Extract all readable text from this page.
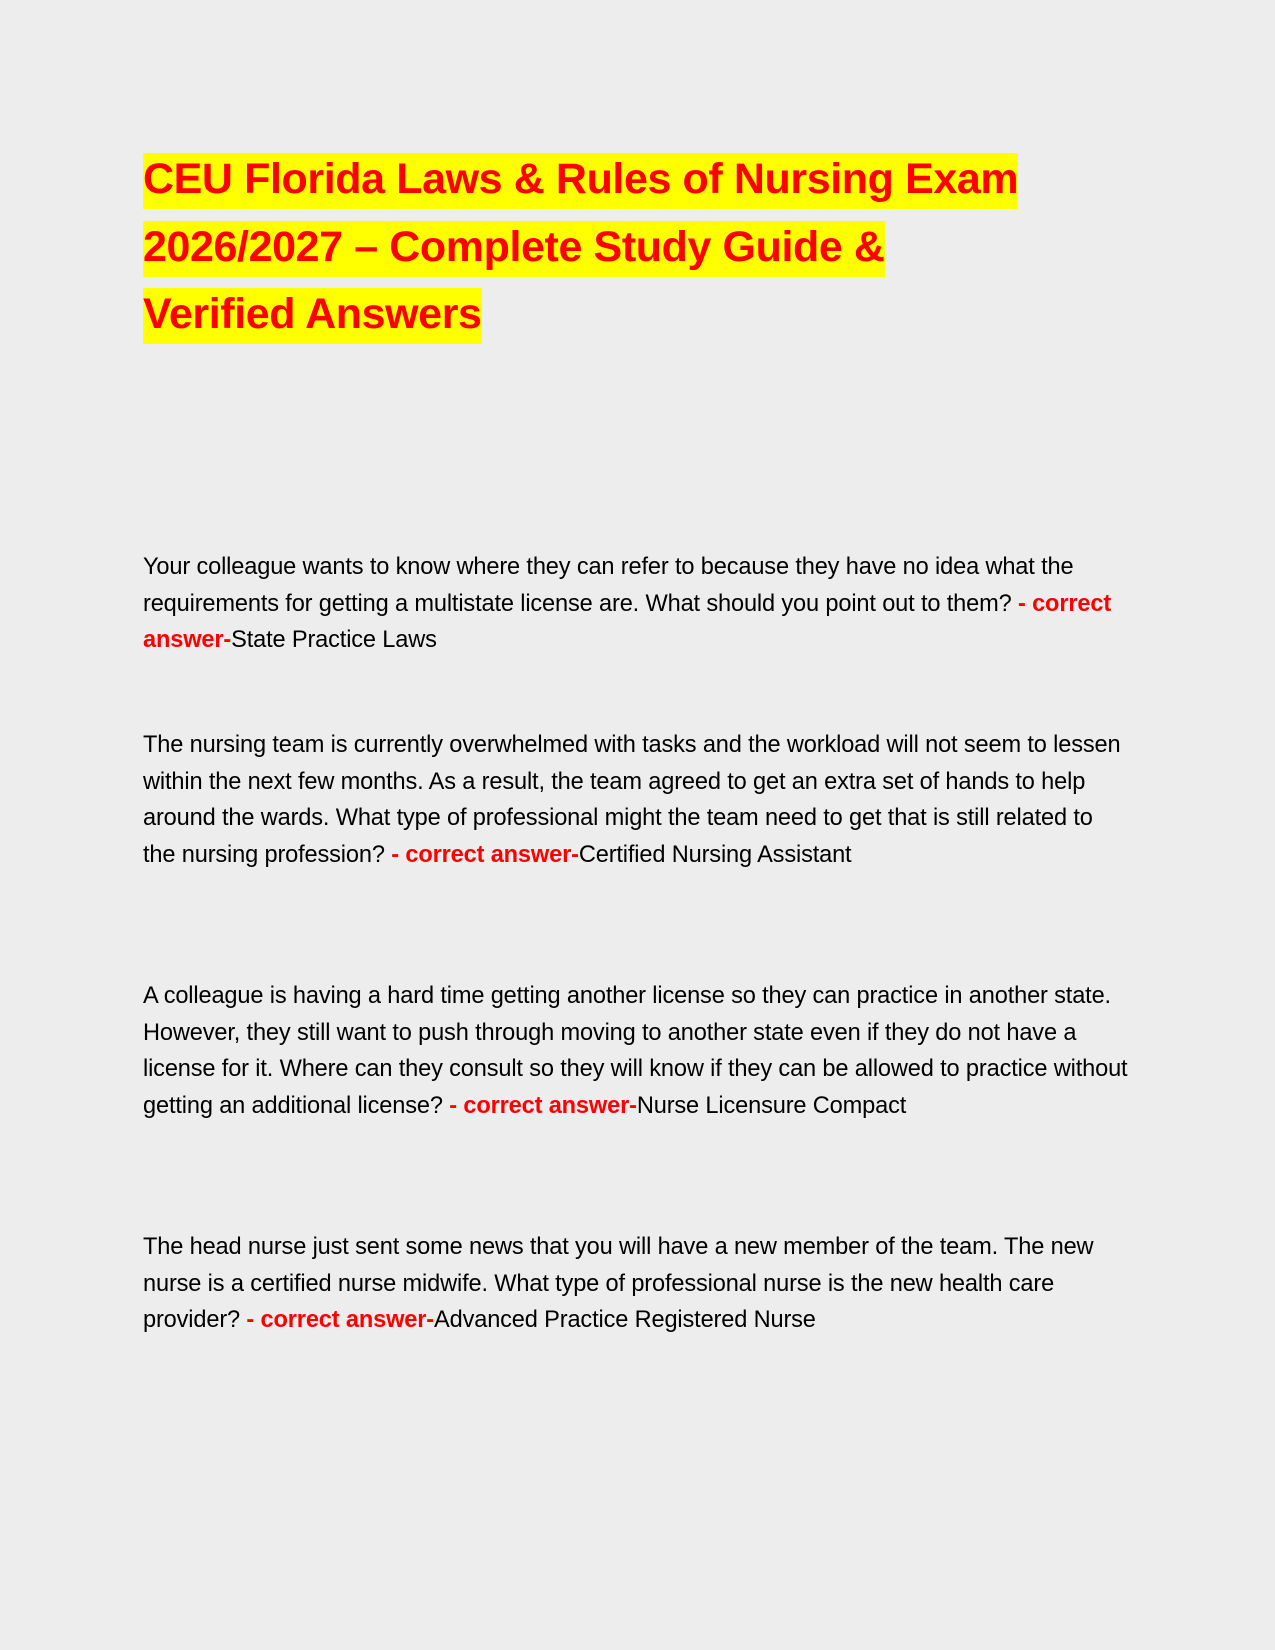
CEU Florida Laws & Rules of Nursing Exam
2026/2027 – Complete Study Guide &
Verified Answers

Your colleague wants to know where they can refer to because they have no idea what the requirements for getting a multistate license are. What should you point out to them? - correct answer-State Practice Laws

The nursing team is currently overwhelmed with tasks and the workload will not seem to lessen within the next few months. As a result, the team agreed to get an extra set of hands to help around the wards. What type of professional might the team need to get that is still related to the nursing profession? - correct answer-Certified Nursing Assistant

A colleague is having a hard time getting another license so they can practice in another state. However, they still want to push through moving to another state even if they do not have a license for it. Where can they consult so they will know if they can be allowed to practice without getting an additional license? - correct answer-Nurse Licensure Compact

The head nurse just sent some news that you will have a new member of the team. The new nurse is a certified nurse midwife. What type of professional nurse is the new health care provider? - correct answer-Advanced Practice Registered Nurse
